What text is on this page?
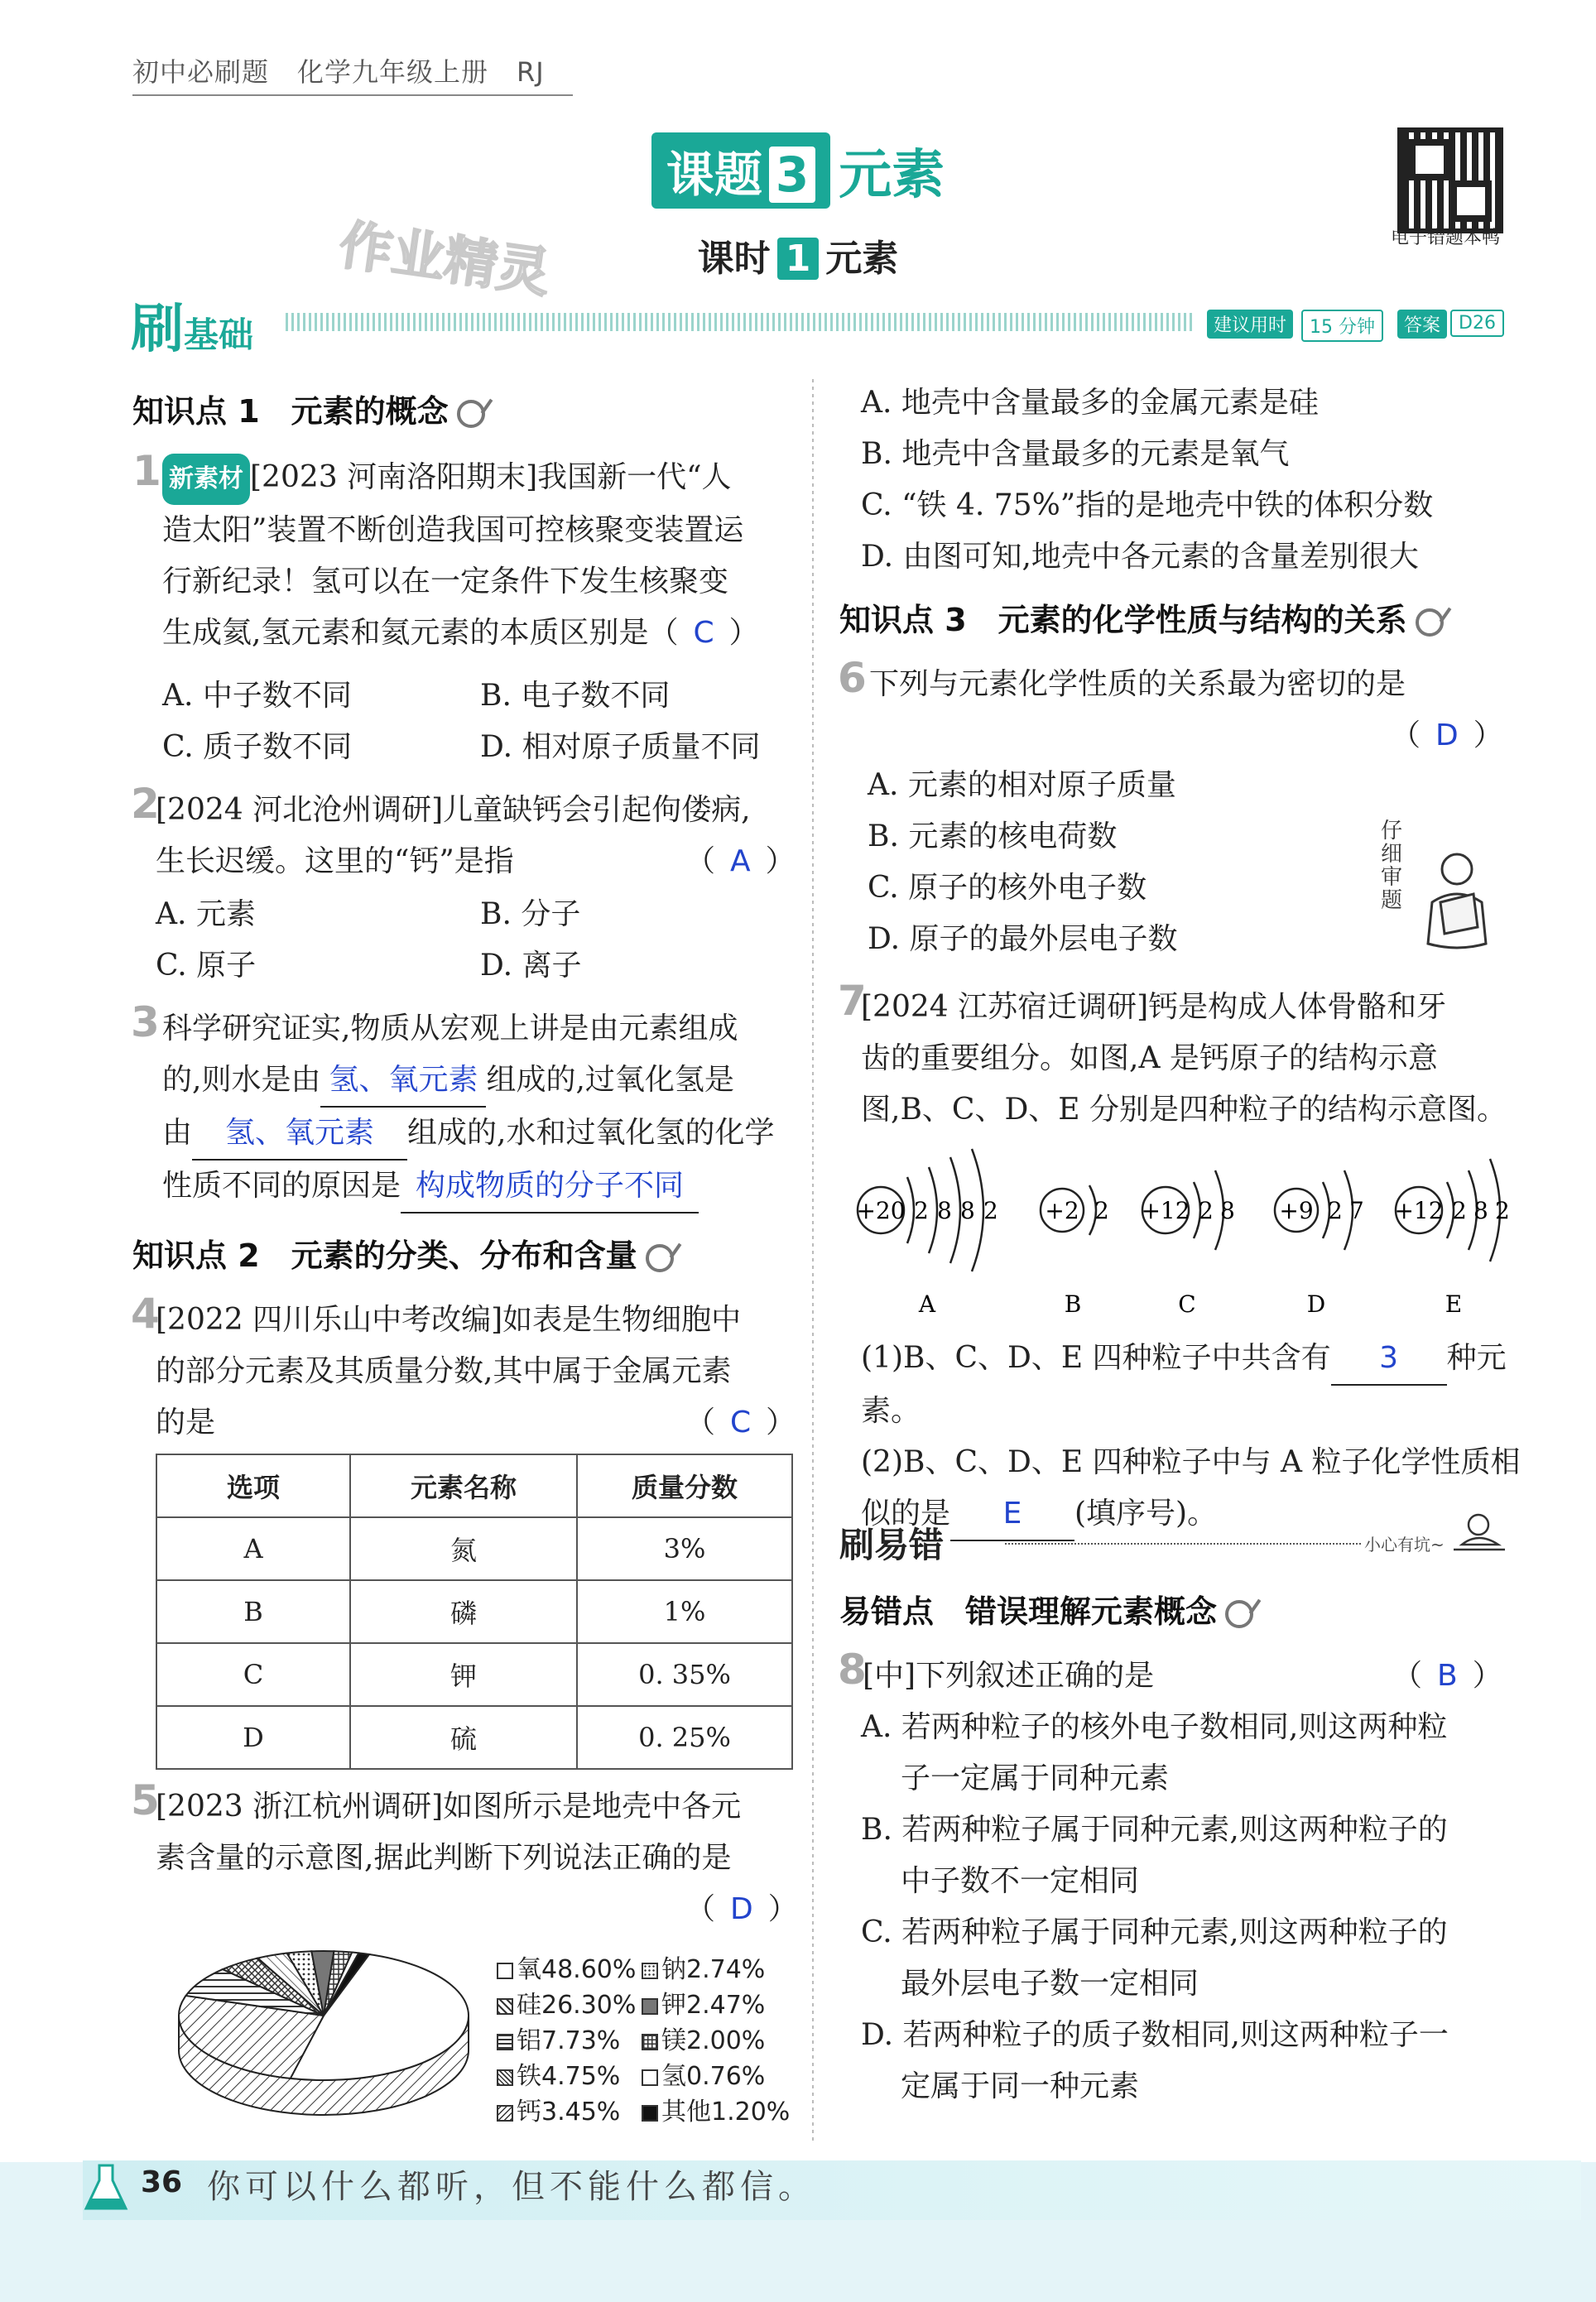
初中必刷题 化学九年级上册 RJ
课题 3 元素
电子错题本鸭
作业精灵	课时 1 元素
刷基础	建议用时	15 分钟	答案 D26
知识点 1　元素的概念
1 新素材 [2023 河南洛阳期末]我国新一代“人
造太阳”装置不断创造我国可控核聚变装置运
行新纪录！氢可以在一定条件下发生核聚变
生成氦,氢元素和氦元素的本质区别是（ C ）
A. 中子数不同	B. 电子数不同
C. 质子数不同	D. 相对原子质量不同
2
[2024 河北沧州调研]儿童缺钙会引起佝偻病,
生长迟缓。这里的“钙”是指	（ A ）
A. 元素	B. 分子
C. 原子	D. 离子
3 科学研究证实,物质从宏观上讲是由元素组成
的,则水是由 氢、氧元素 组成的,过氧化氢是
由 氢、氧元素 组成的,水和过氧化氢的化学
性质不同的原因是 构成物质的分子不同
知识点 2　元素的分类、分布和含量
4
[2022 四川乐山中考改编]如表是生物细胞中
的部分元素及其质量分数,其中属于金属元素
的是	（ C ）
选项	元素名称	质量分数
A	氮	3%
B	磷	1%
C	钾	0. 35%
D	硫	0. 25%
5
[2023 浙江杭州调研]如图所示是地壳中各元
素含量的示意图,据此判断下列说法正确的是
（ D ）
氧48.60%
硅26.30%
铝7.73%
铁4.75%
钙3.45%
钠2.74%
钾2.47%
镁2.00%
氢0.76%
其他1.20%
A. 地壳中含量最多的金属元素是硅
B. 地壳中含量最多的元素是氧气
C. “铁 4. 75%”指的是地壳中铁的体积分数
D. 由图可知,地壳中各元素的含量差别很大
知识点 3　元素的化学性质与结构的关系
6 下列与元素化学性质的关系最为密切的是
（ D ）
A. 元素的相对原子质量
B. 元素的核电荷数
C. 原子的核外电子数
D. 原子的最外层电子数
仔细审题
7
[2024 江苏宿迁调研]钙是构成人体骨骼和牙
齿的重要组分。如图,A 是钙原子的结构示意
图,B、C、D、E 分别是四种粒子的结构示意图。
+20 2 8 8 2
A
+2 2
B
+12 2 8
C
+9 2 7
D
+12 2 8 2
E
(1)B、C、D、E 四种粒子中共含有 3 种元素。
(2)B、C、D、E 四种粒子中与 A 粒子化学性质相
似的是 E (填序号)。
刷易错	小心有坑~
易错点　错误理解元素概念
8
[中]下列叙述正确的是	（ B ）
A. 若两种粒子的核外电子数相同,则这两种粒
子一定属于同种元素
B. 若两种粒子属于同种元素,则这两种粒子的
中子数不一定相同
C. 若两种粒子属于同种元素,则这两种粒子的
最外层电子数一定相同
D. 若两种粒子的质子数相同,则这两种粒子一
定属于同一种元素
36 你可以什么都听，但不能什么都信。
